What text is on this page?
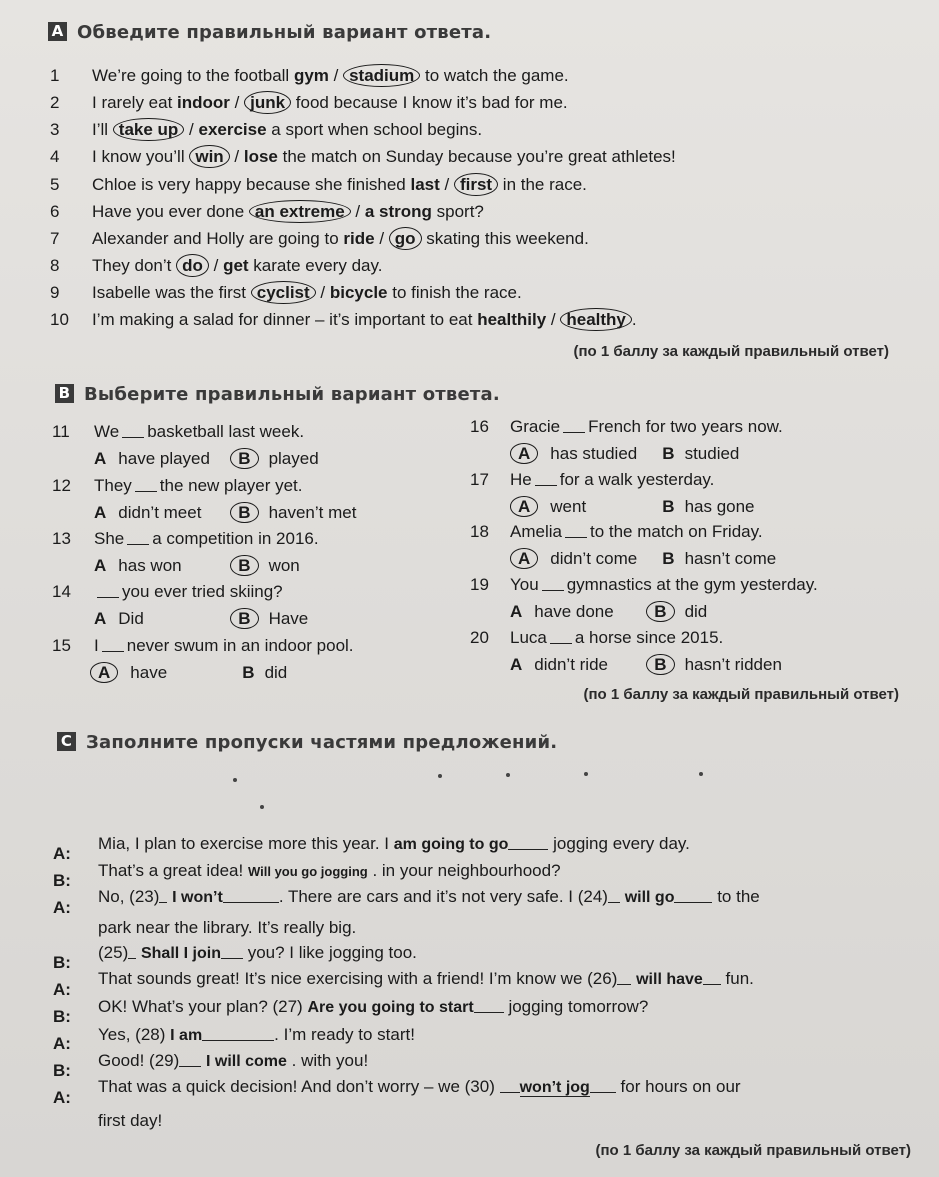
A Обведите правильный вариант ответа.
1 We’re going to the football gym / stadium to watch the game.
2 I rarely eat indoor / junk food because I know it’s bad for me.
3 I’ll take up / exercise a sport when school begins.
4 I know you’ll win / lose the match on Sunday because you’re great athletes!
5 Chloe is very happy because she finished last / first in the race.
6 Have you ever done an extreme / a strong sport?
7 Alexander and Holly are going to ride / go skating this weekend.
8 They don’t do / get karate every day.
9 Isabelle was the first cyclist / bicycle to finish the race.
10 I’m making a salad for dinner – it’s important to eat healthily / healthy .
(по 1 баллу за каждый правильный ответ)
B Выберите правильный вариант ответа.
11 We basketball last week.
A have played B played
12 They the new player yet.
A didn’t meet B haven’t met
13 She a competition in 2016.
A has won	B won
14	you ever tried skiing?
A Did	B Have
15 I never swum in an indoor pool.
A have	B did
16 Gracie French for two years now.
A has studied B studied
17 He for a walk yesterday.
A went	B has gone
18 Amelia to the match on Friday.
A didn’t come B hasn’t come
19 You gymnastics at the gym yesterday.
A have done B did
20 Luca a horse since 2015.
A didn’t ride	B hasn’t ridden
(по 1 баллу за каждый правильный ответ)
C Заполните пропуски частями предложений.
A:
Mia, I plan to exercise more this year. I am going to go	jogging every day.
B:
That’s a great idea! Will you go jogging . in your neighbourhood?
A:
No, (23) I won’t	. There are cars and it’s not very safe. I (24) will go	to the
park near the library. It’s really big.
B:
(25) Shall I join you? I like jogging too.
A:
That sounds great! It’s nice exercising with a friend! I’m know we (26) will have fun.
B:
OK! What’s your plan? (27) Are you going to start jogging tomorrow?
A: Yes, (28) I am	. I’m ready to start!
B:
Good! (29) I will come . with you!
A:
That was a quick decision! And don’t worry – we (30) won’t jog for hours on our
first day!
(по 1 баллу за каждый правильный ответ)
